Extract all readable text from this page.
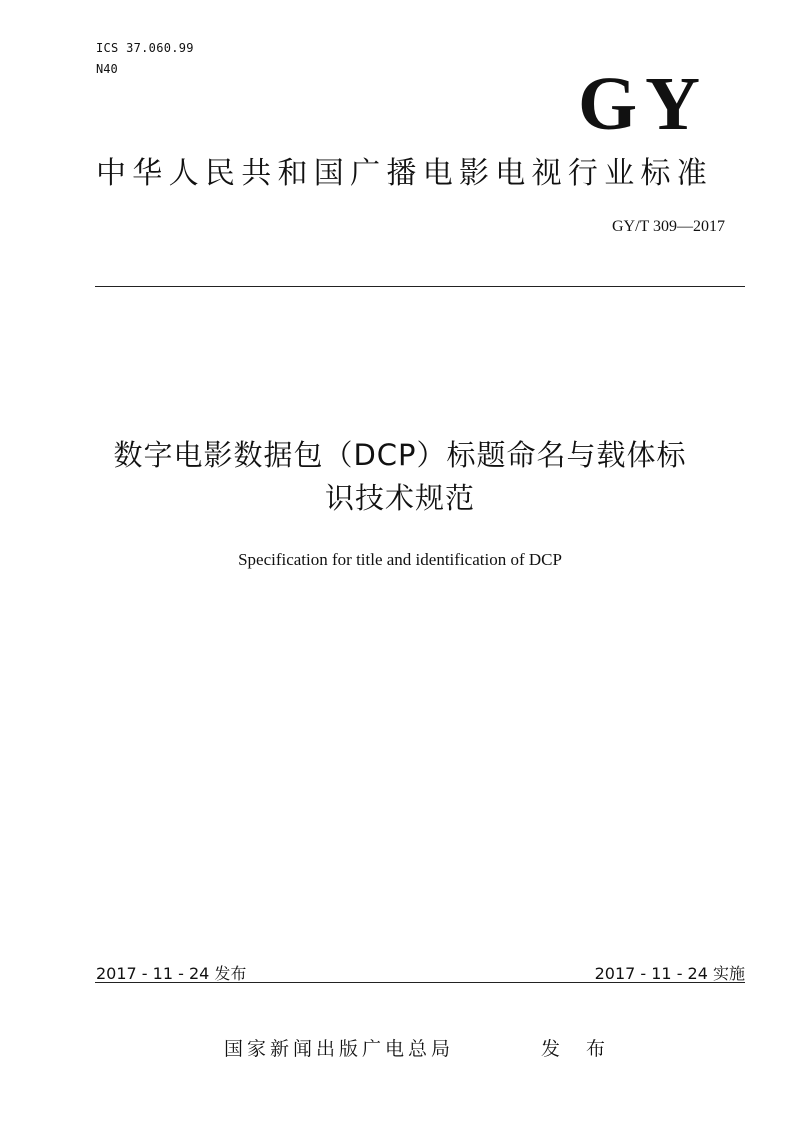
ICS 37.060.99
N40	GY
中华人民共和国广播电影电视行业标准
GY/T 309—2017
数字电影数据包（DCP）标题命名与载体标
识技术规范
Specification for title and identification of DCP
2017 - 11 - 24 发布	2017 - 11 - 24 实施
国家新闻出版广电总局	发 布
